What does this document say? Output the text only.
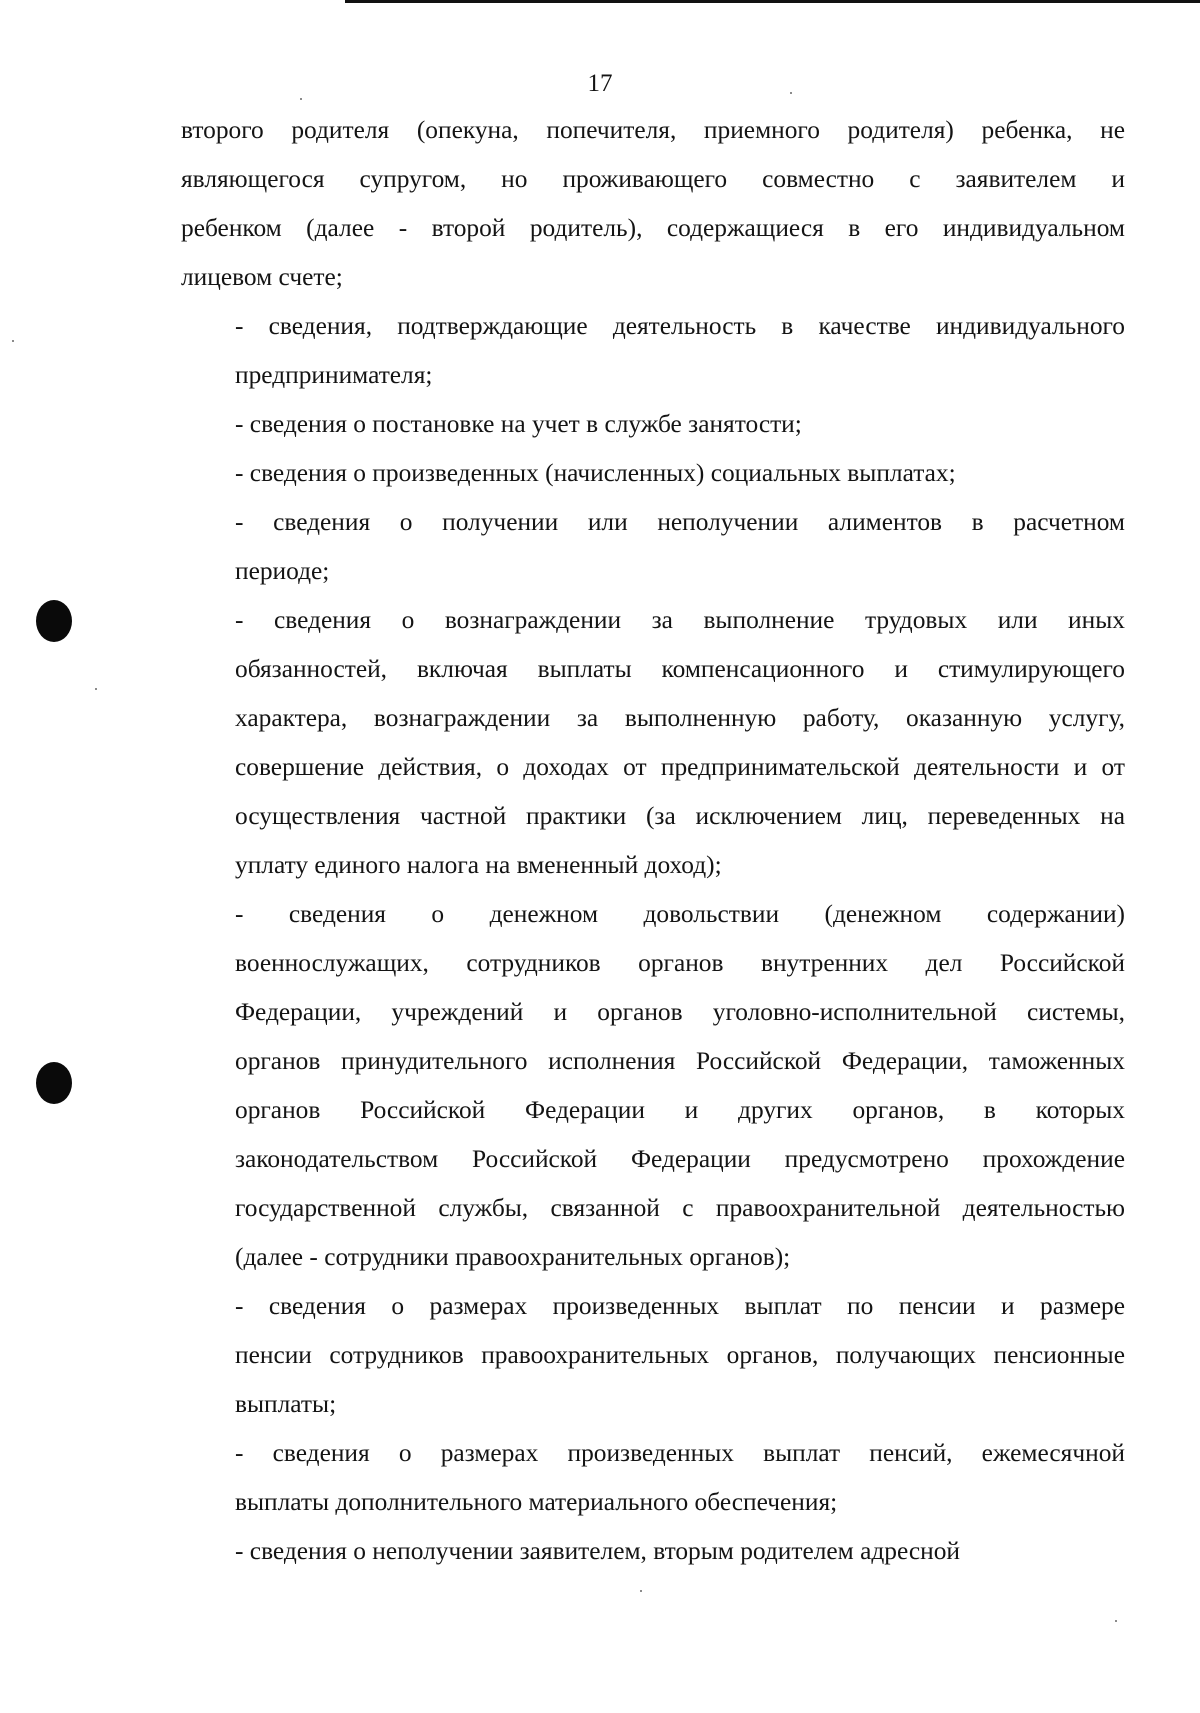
17

второго родителя (опекуна, попечителя, приемного родителя) ребенка, не
являющегося супругом, но проживающего совместно с заявителем и
ребенком (далее - второй родитель), содержащиеся в его индивидуальном
лицевом счете;

- сведения, подтверждающие деятельность в качестве индивидуального
предпринимателя;

- сведения о постановке на учет в службе занятости;

- сведения о произведенных (начисленных) социальных выплатах;

- сведения о получении или неполучении алиментов в расчетном
периоде;

- сведения о вознаграждении за выполнение трудовых или иных
обязанностей, включая выплаты компенсационного и стимулирующего
характера, вознаграждении за выполненную работу, оказанную услугу,
совершение действия, о доходах от предпринимательской деятельности и от
осуществления частной практики (за исключением лиц, переведенных на
уплату единого налога на вмененный доход);

- сведения о денежном довольствии (денежном содержании)
военнослужащих, сотрудников органов внутренних дел Российской
Федерации, учреждений и органов уголовно-исполнительной системы,
органов принудительного исполнения Российской Федерации, таможенных
органов Российской Федерации и других органов, в которых
законодательством Российской Федерации предусмотрено прохождение
государственной службы, связанной с правоохранительной деятельностью
(далее - сотрудники правоохранительных органов);

- сведения о размерах произведенных выплат по пенсии и размере
пенсии сотрудников правоохранительных органов, получающих пенсионные
выплаты;

- сведения о размерах произведенных выплат пенсий, ежемесячной
выплаты дополнительного материального обеспечения;

- сведения о неполучении заявителем, вторым родителем адресной
